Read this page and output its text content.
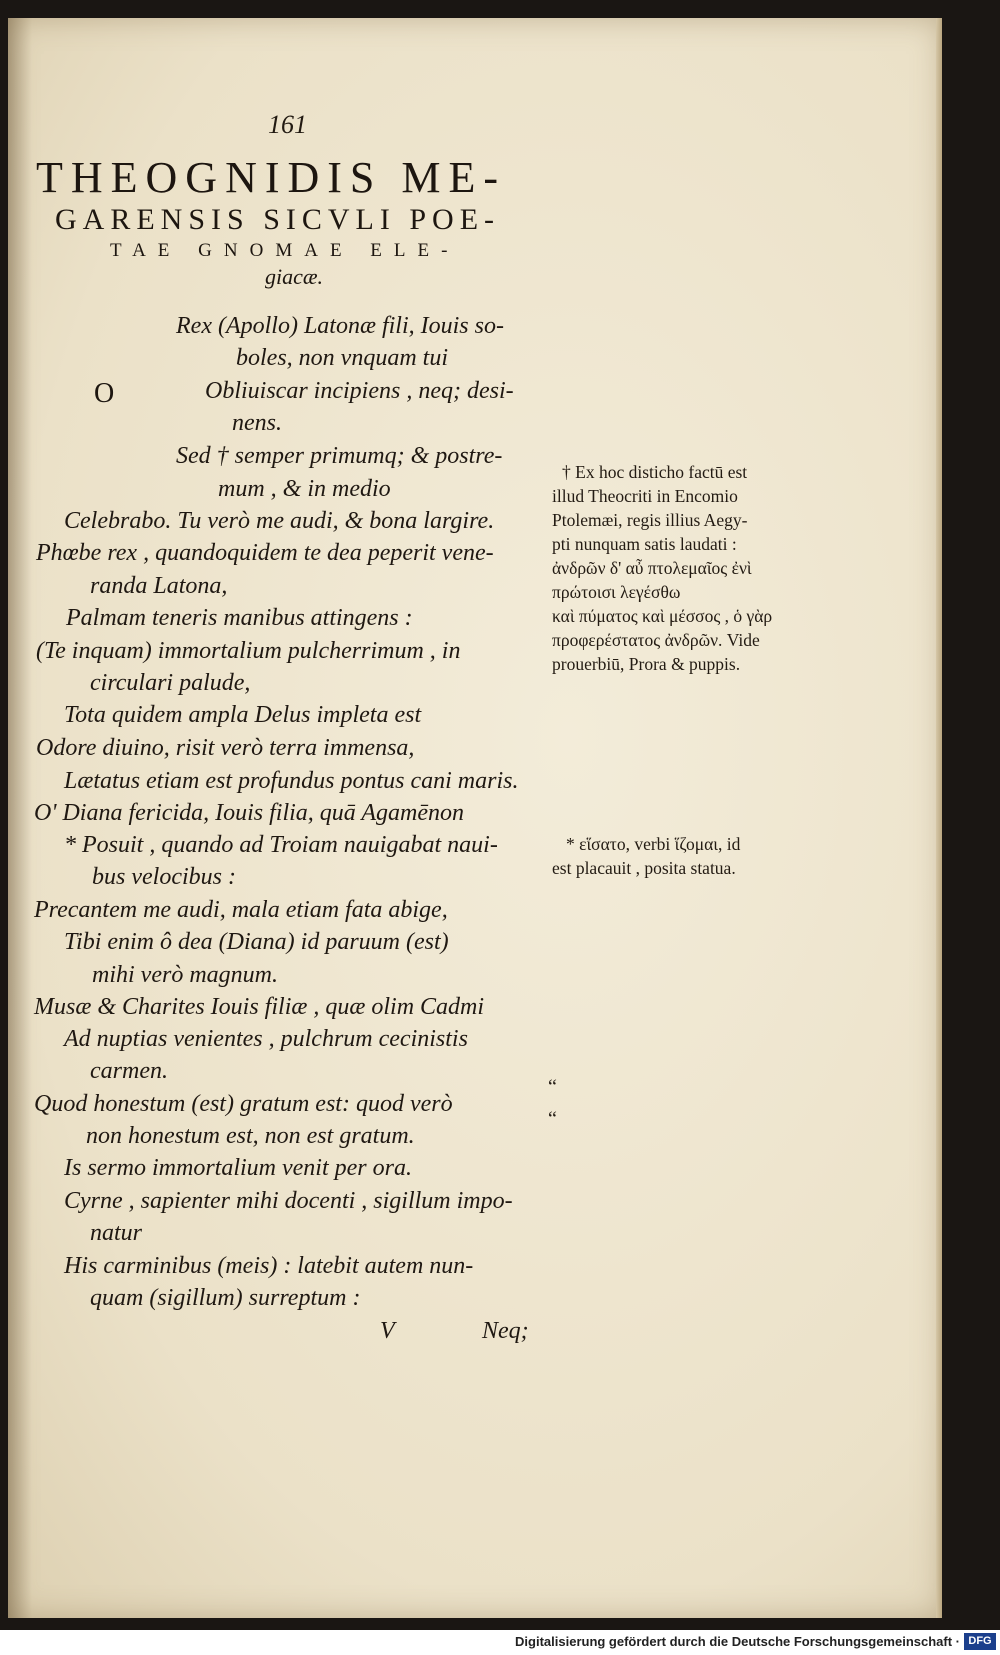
161
THEOGNIDIS ME-
GARENSIS SICVLI POE-
TAE GNOMAE ELE-
giacæ.
O
Rex (Apollo) Latonæ fili, Iouis so-
boles, non vnquam tui
Obliuiscar incipiens , neq; desi-
nens.
Sed † semper primumq; & postre-
mum , & in medio
Celebrabo. Tu verò me audi, & bona largire.
Phœbe rex , quandoquidem te dea peperit vene-
randa Latona,
Palmam teneris manibus attingens :
(Te inquam) immortalium pulcherrimum , in
circulari palude,
Tota quidem ampla Delus impleta est
Odore diuino, risit verò terra immensa,
Lætatus etiam est profundus pontus cani maris.
O' Diana fericida, Iouis filia, quā Agamēnon
* Posuit , quando ad Troiam nauigabat naui-
bus velocibus :
Precantem me audi, mala etiam fata abige,
Tibi enim ô dea (Diana) id paruum (est)
mihi verò magnum.
Musæ & Charites Iouis filiæ , quæ olim Cadmi
Ad nuptias venientes , pulchrum cecinistis
carmen.
Quod honestum (est) gratum est: quod verò
non honestum est, non est gratum.
Is sermo immortalium venit per ora.
Cyrne , sapienter mihi docenti , sigillum impo-
natur
His carminibus (meis) : latebit autem nun-
quam (sigillum) surreptum :
V	Neq;
† Ex hoc disticho factū est
illud Theocriti in Encomio
Ptolemæi, regis illius Aegy-
pti nunquam satis laudati :
ἀνδρῶν δ' αὖ πτολεμαῖος ἐνὶ
πρώτοισι λεγέσθω
καὶ πύματος καὶ μέσσος , ὁ γὰρ
προφερέστατος ἀνδρῶν. Vide
prouerbiū, Prora & puppis.
* εἵσατο, verbi ἵζομαι, id
est placauit , posita statua.
“
“
Digitalisierung gefördert durch die Deutsche Forschungsgemeinschaft · DFG
